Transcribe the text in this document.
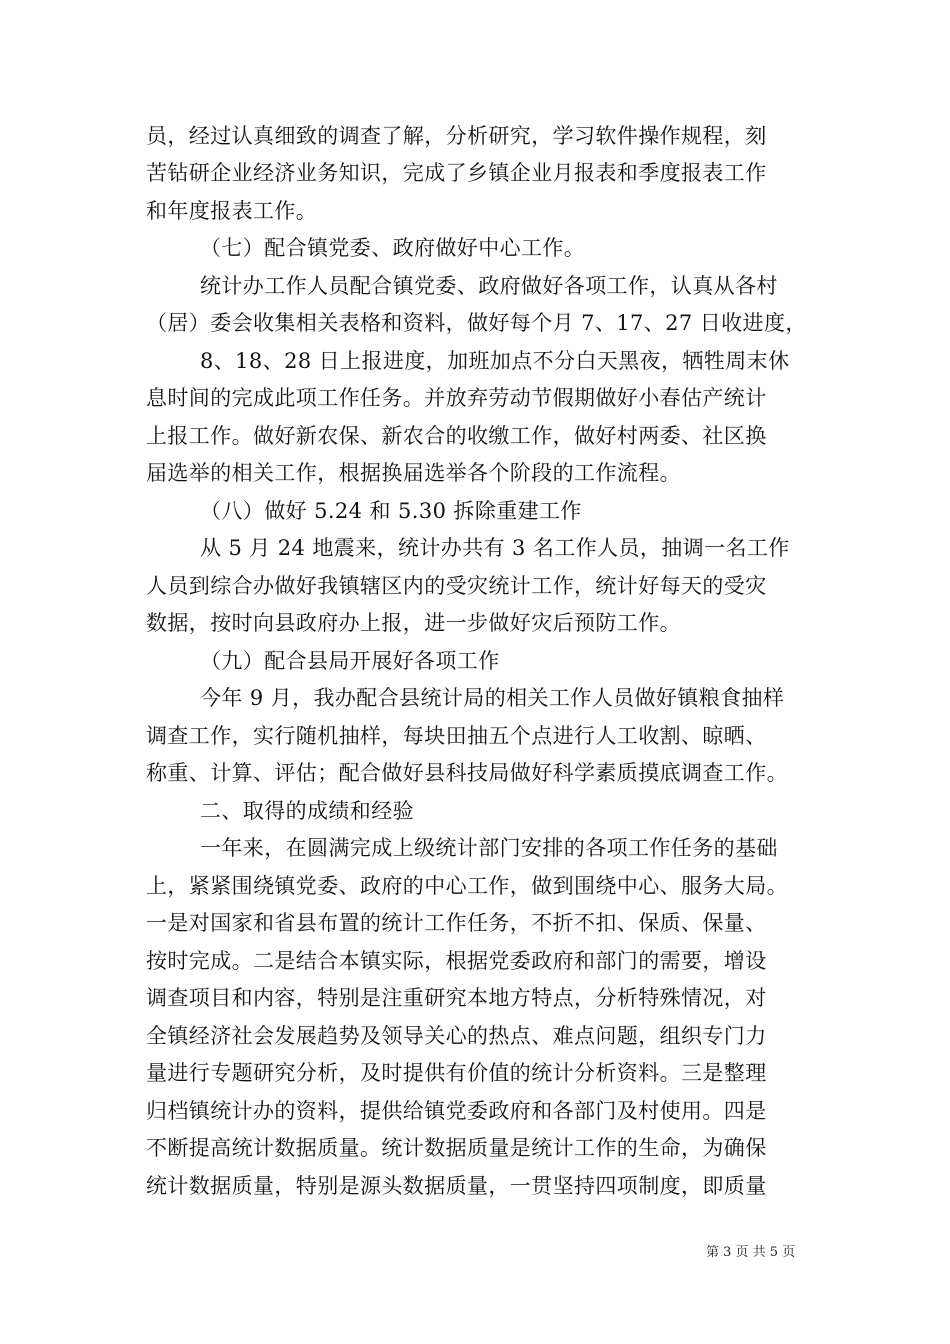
员，经过认真细致的调查了解，分析研究，学习软件操作规程，刻
苦钻研企业经济业务知识，完成了乡镇企业月报表和季度报表工作
和年度报表工作。
（七）配合镇党委、政府做好中心工作。
统计办工作人员配合镇党委、政府做好各项工作，认真从各村
（居）委会收集相关表格和资料，做好每个月 7、17、27 日收进度，
8、18、28 日上报进度，加班加点不分白天黑夜，牺牲周末休
息时间的完成此项工作任务。并放弃劳动节假期做好小春估产统计
上报工作。做好新农保、新农合的收缴工作，做好村两委、社区换
届选举的相关工作，根据换届选举各个阶段的工作流程。
（八）做好 5.24 和 5.30 拆除重建工作
从 5 月 24 地震来，统计办共有 3 名工作人员，抽调一名工作
人员到综合办做好我镇辖区内的受灾统计工作，统计好每天的受灾
数据，按时向县政府办上报，进一步做好灾后预防工作。
（九）配合县局开展好各项工作
今年 9 月，我办配合县统计局的相关工作人员做好镇粮食抽样
调查工作，实行随机抽样，每块田抽五个点进行人工收割、晾晒、
称重、计算、评估；配合做好县科技局做好科学素质摸底调查工作。
二、取得的成绩和经验
一年来，在圆满完成上级统计部门安排的各项工作任务的基础
上，紧紧围绕镇党委、政府的中心工作，做到围绕中心、服务大局。
一是对国家和省县布置的统计工作任务，不折不扣、保质、保量、
按时完成。二是结合本镇实际，根据党委政府和部门的需要，增设
调查项目和内容，特别是注重研究本地方特点，分析特殊情况，对
全镇经济社会发展趋势及领导关心的热点、难点问题，组织专门力
量进行专题研究分析，及时提供有价值的统计分析资料。三是整理
归档镇统计办的资料，提供给镇党委政府和各部门及村使用。四是
不断提高统计数据质量。统计数据质量是统计工作的生命，为确保
统计数据质量，特别是源头数据质量，一贯坚持四项制度，即质量
第 3 页 共 5 页
